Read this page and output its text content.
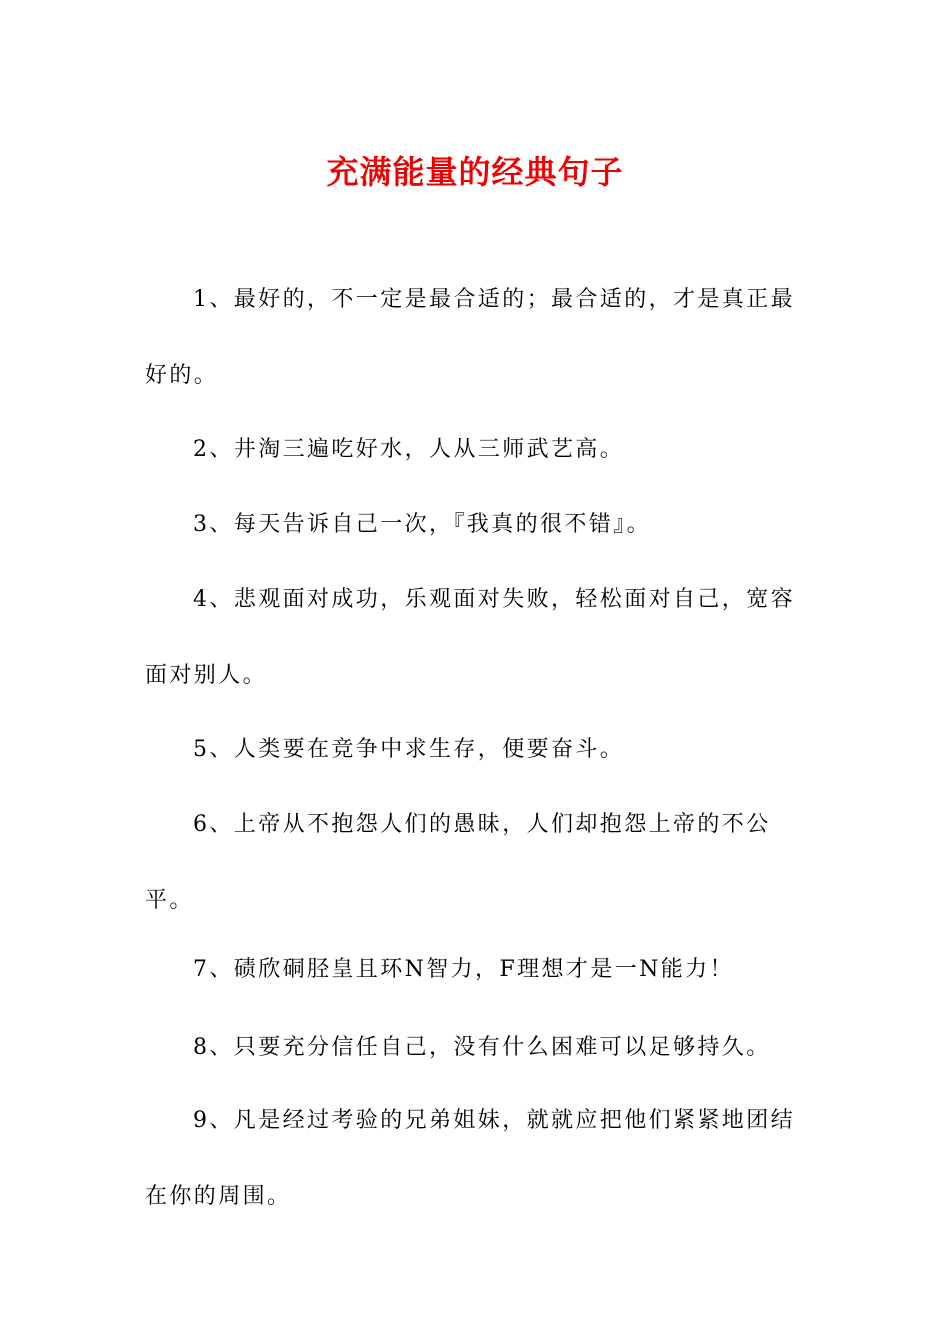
充满能量的经典句子
1、最好的，不一定是最合适的；最合适的，才是真正最好的。
2、井淘三遍吃好水，人从三师武艺高。
3、每天告诉自己一次，『我真的很不错』。
4、悲观面对成功，乐观面对失败，轻松面对自己，宽容面对别人。
5、人类要在竞争中求生存，便要奋斗。
6、上帝从不抱怨人们的愚昧，人们却抱怨上帝的不公平。
7、碛欣硐胫皇且环N智力，F理想才是一N能力！
8、只要充分信任自己，没有什么困难可以足够持久。
9、凡是经过考验的兄弟姐妹，就就应把他们紧紧地团结在你的周围。
